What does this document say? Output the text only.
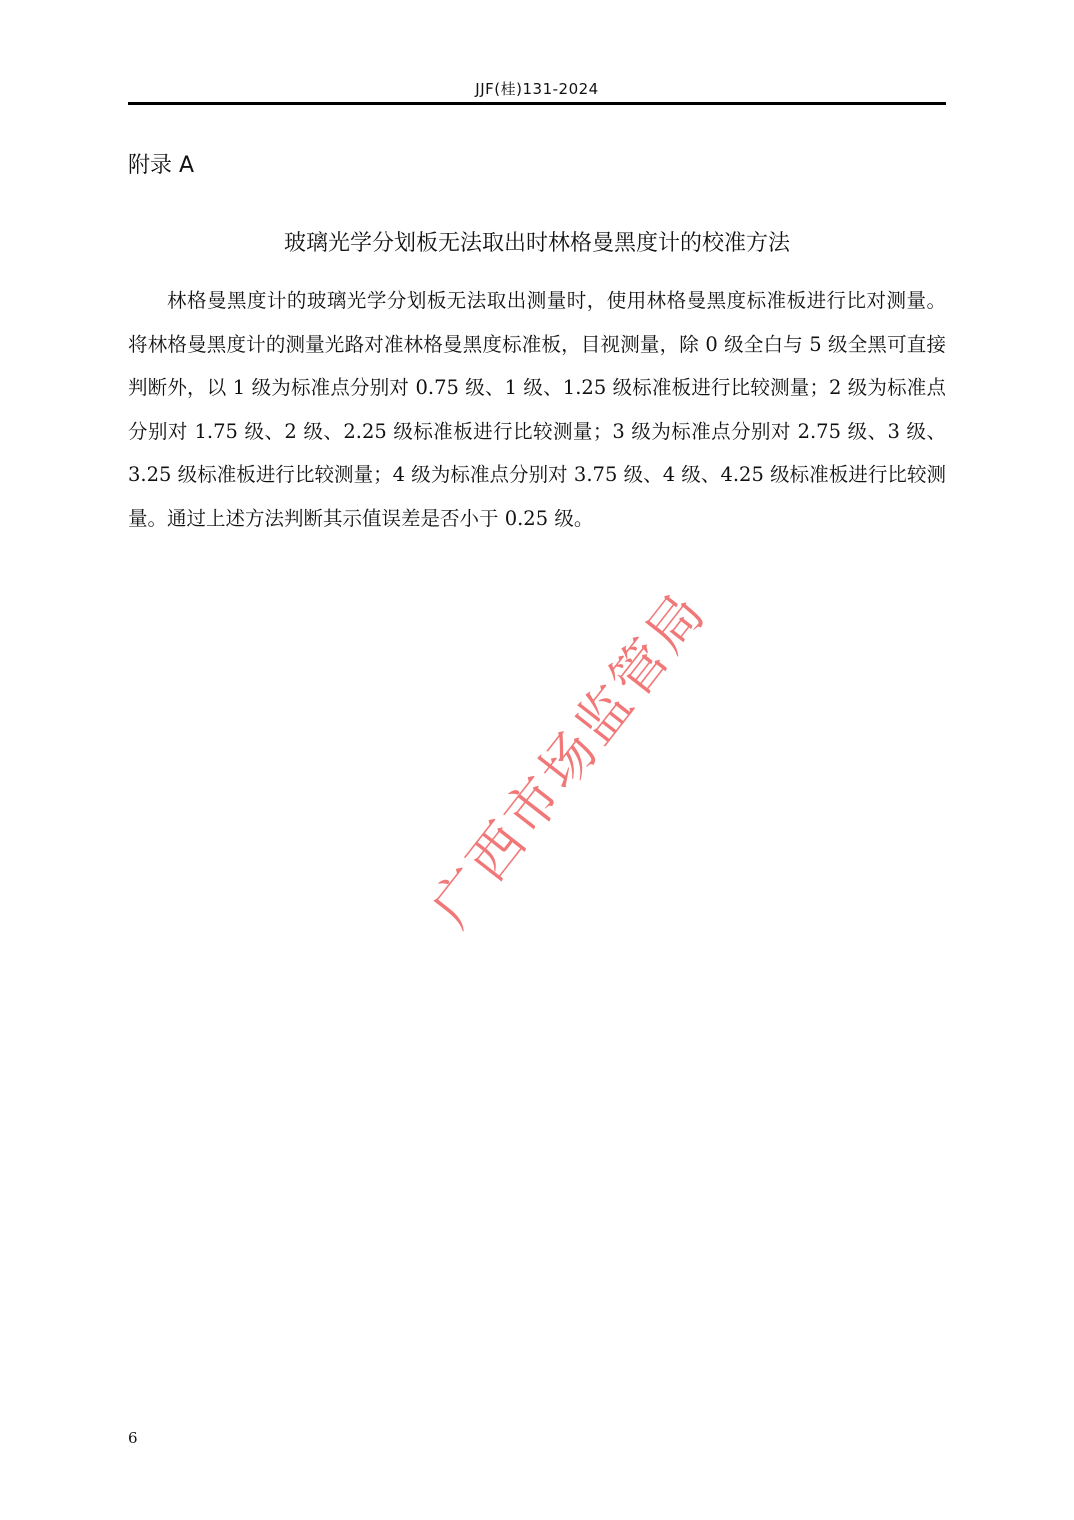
JJF(桂)131-2024
附录 A
玻璃光学分划板无法取出时林格曼黑度计的校准方法

林格曼黑度计的玻璃光学分划板无法取出测量时，使用林格曼黑度标准板进行比对测量。将林格曼黑度计的测量光路对准林格曼黑度标准板，目视测量，除 0 级全白与 5 级全黑可直接判断外，以 1 级为标准点分别对 0.75 级、1 级、1.25 级标准板进行比较测量；2 级为标准点分别对 1.75 级、2 级、2.25 级标准板进行比较测量；3 级为标准点分别对 2.75 级、3 级、3.25 级标准板进行比较测量；4 级为标准点分别对 3.75 级、4 级、4.25 级标准板进行比较测量。通过上述方法判断其示值误差是否小于 0.25 级。

广西市场监管局
6
